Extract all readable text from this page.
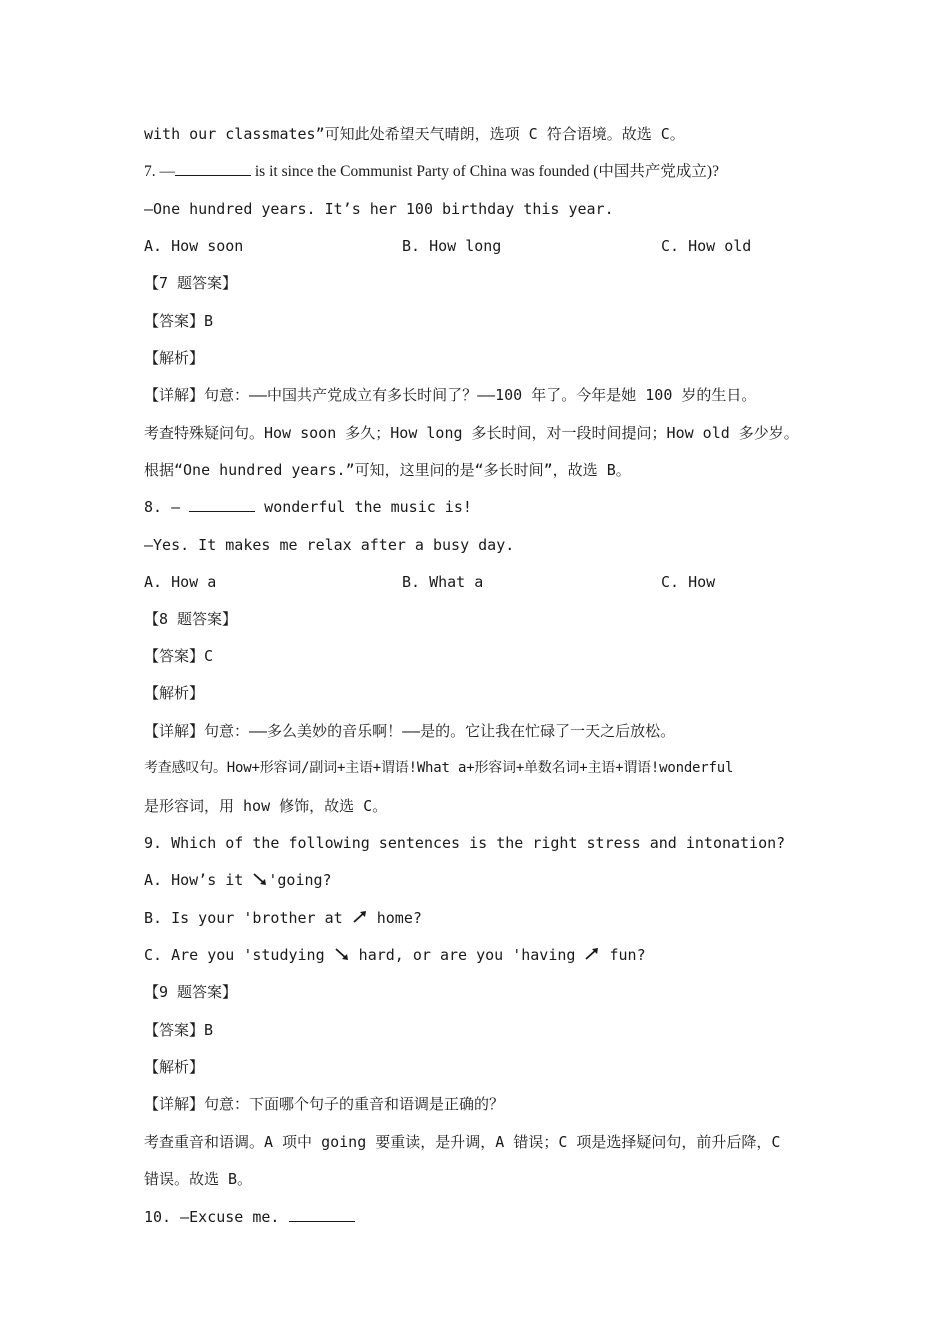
with our classmates”可知此处希望天气晴朗，选项 C 符合语境。故选 C。
7. —	is it since the Communist Party of China was founded (中国共产党成立)?
—One hundred years. It’s her 100 birthday this year.
A. How soon	B. How long	C. How old
【7 题答案】
【答案】B
【解析】
【详解】句意：——中国共产党成立有多长时间了？——100 年了。今年是她 100 岁的生日。
考查特殊疑问句。How soon 多久；How long 多长时间，对一段时间提问；How old 多少岁。
根据“One hundred years.”可知，这里问的是“多长时间”，故选 B。
8. —	wonderful the music is!
—Yes. It makes me relax after a busy day.
A. How a	B. What a	C. How
【8 题答案】
【答案】C
【解析】
【详解】句意：——多么美妙的音乐啊！——是的。它让我在忙碌了一天之后放松。
考查感叹句。How+形容词/副词+主语+谓语!What a+形容词+单数名词+主语+谓语!wonderful
是形容词，用 how 修饰，故选 C。
9. Which of the following sentences is the right stress and intonation?
A. How’s it 'going?
B. Is your 'brother at  home?
C. Are you 'studying  hard, or are you 'having  fun?
【9 题答案】
【答案】B
【解析】
【详解】句意：下面哪个句子的重音和语调是正确的？
考查重音和语调。A 项中 going 要重读，是升调，A 错误；C 项是选择疑问句，前升后降，C
错误。故选 B。
10. —Excuse me.
